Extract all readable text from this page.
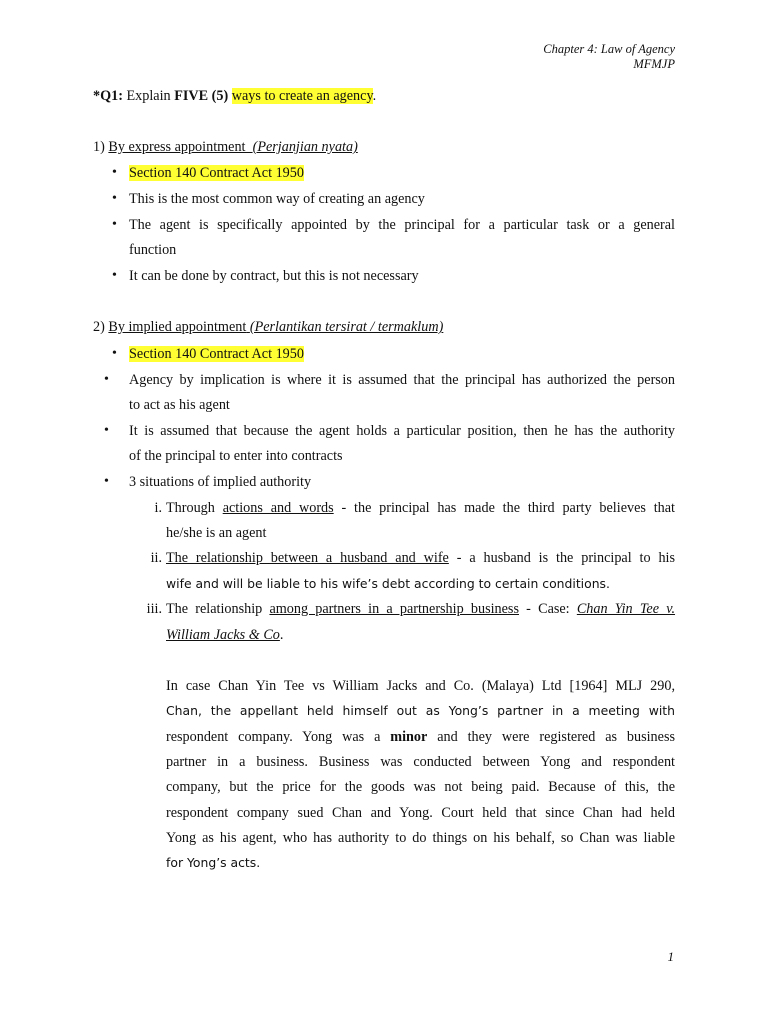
Chapter 4: Law of Agency
MFMJP
*Q1: Explain FIVE (5) ways to create an agency.
1) By express appointment (Perjanjian nyata)
• Section 140 Contract Act 1950
• This is the most common way of creating an agency
• The agent is specifically appointed by the principal for a particular task or a general
function
• It can be done by contract, but this is not necessary
2) By implied appointment (Perlantikan tersirat / termaklum)
• Section 140 Contract Act 1950
• Agency by implication is where it is assumed that the principal has authorized the person
to act as his agent
• It is assumed that because the agent holds a particular position, then he has the authority
of the principal to enter into contracts
• 3 situations of implied authority
i. Through actions and words - the principal has made the third party believes that
he/she is an agent
ii. The relationship between a husband and wife - a husband is the principal to his
wife and will be liable to his wife’s debt according to certain conditions.
iii. The relationship among partners in a partnership business - Case: Chan Yin Tee v.
William Jacks & Co.
In case Chan Yin Tee vs William Jacks and Co. (Malaya) Ltd [1964] MLJ 290,
Chan, the appellant held himself out as Yong’s partner in a meeting with
respondent company. Yong was a minor and they were registered as business
partner in a business. Business was conducted between Yong and respondent
company, but the price for the goods was not being paid. Because of this, the
respondent company sued Chan and Yong. Court held that since Chan had held
Yong as his agent, who has authority to do things on his behalf, so Chan was liable
for Yong’s acts.
1
